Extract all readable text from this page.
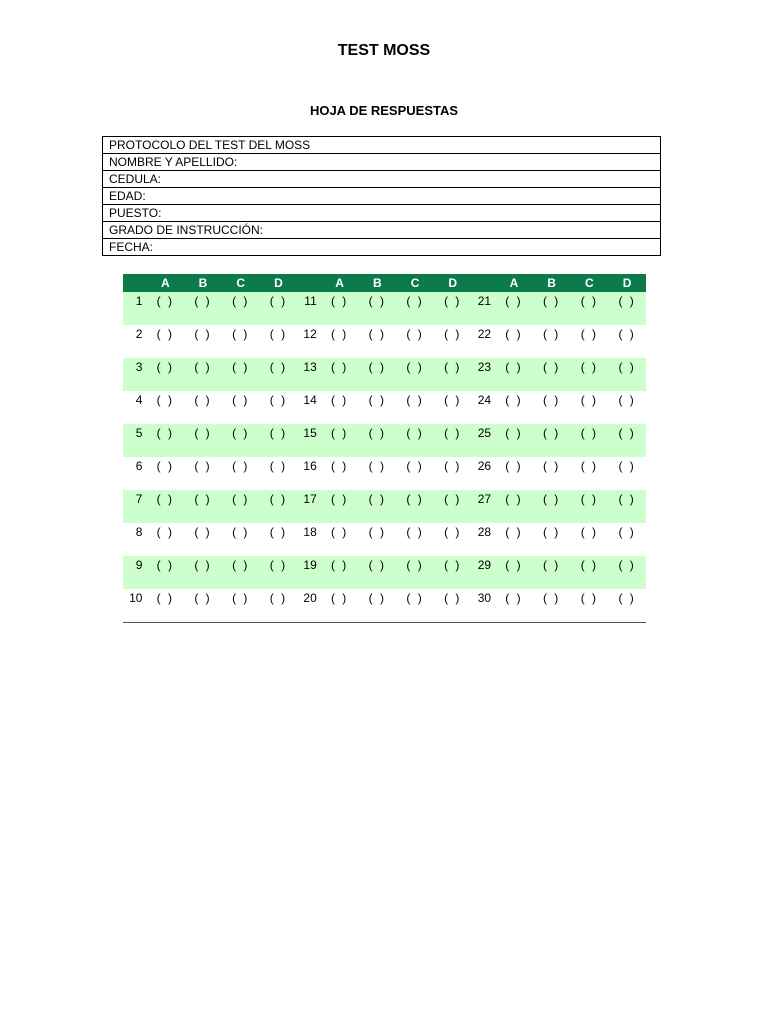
TEST MOSS
HOJA DE RESPUESTAS
PROTOCOLO DEL TEST DEL MOSS
NOMBRE Y APELLIDO:
CEDULA:
EDAD:
PUESTO:
GRADO DE INSTRUCCIÓN:
FECHA:
	A	B	C	D		A	B	C	D		A	B	C	D
1	( )	( )	( )	( )	11	( )	( )	( )	( )	21	( )	( )	( )	( )
2	( )	( )	( )	( )	12	( )	( )	( )	( )	22	( )	( )	( )	( )
3	( )	( )	( )	( )	13	( )	( )	( )	( )	23	( )	( )	( )	( )
4	( )	( )	( )	( )	14	( )	( )	( )	( )	24	( )	( )	( )	( )
5	( )	( )	( )	( )	15	( )	( )	( )	( )	25	( )	( )	( )	( )
6	( )	( )	( )	( )	16	( )	( )	( )	( )	26	( )	( )	( )	( )
7	( )	( )	( )	( )	17	( )	( )	( )	( )	27	( )	( )	( )	( )
8	( )	( )	( )	( )	18	( )	( )	( )	( )	28	( )	( )	( )	( )
9	( )	( )	( )	( )	19	( )	( )	( )	( )	29	( )	( )	( )	( )
10	( )	( )	( )	( )	20	( )	( )	( )	( )	30	( )	( )	( )	( )
